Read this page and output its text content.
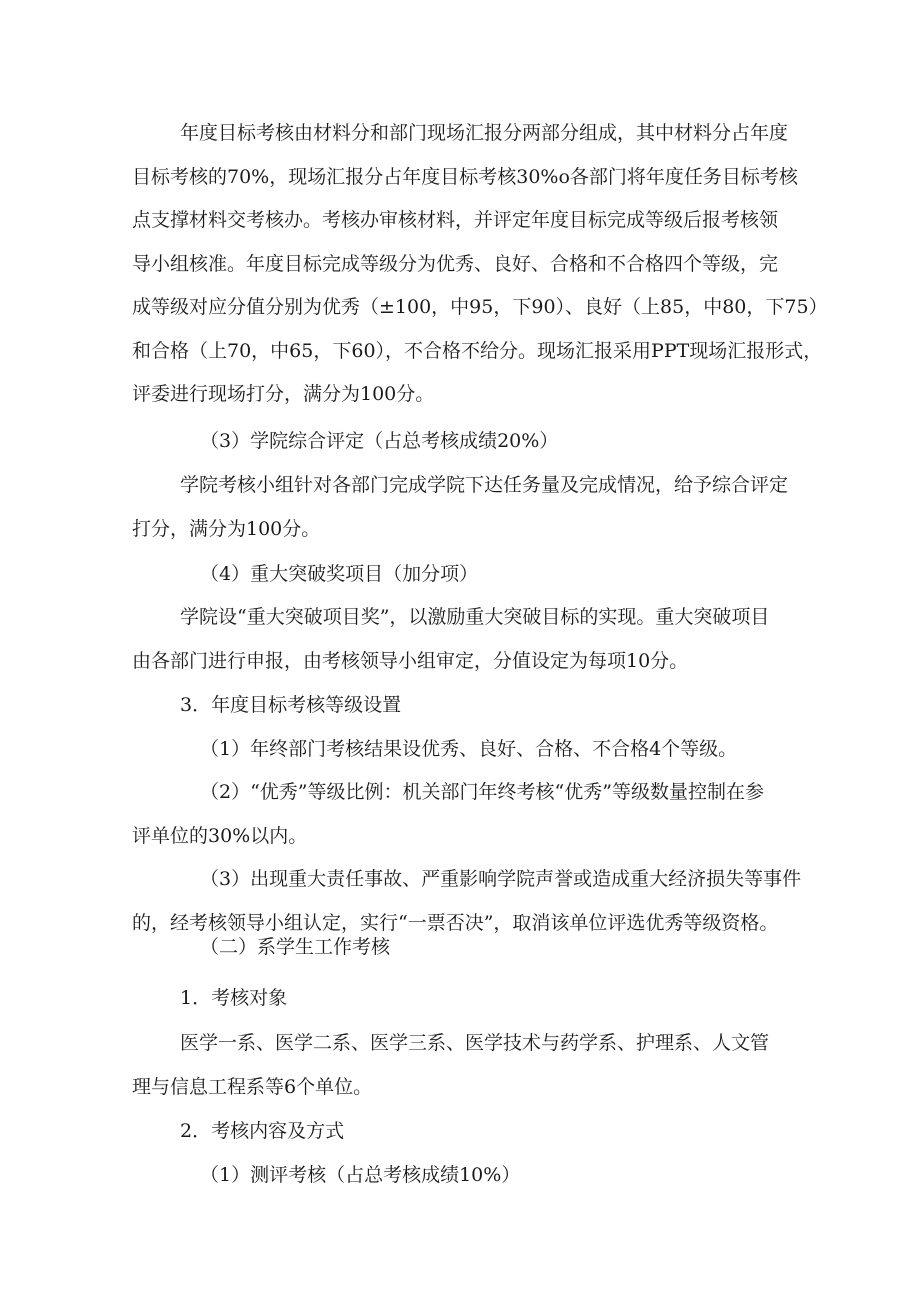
年度目标考核由材料分和部门现场汇报分两部分组成，其中材料分占年度
目标考核的70%，现场汇报分占年度目标考核30%o各部门将年度任务目标考核
点支撑材料交考核办。考核办审核材料，并评定年度目标完成等级后报考核领
导小组核准。年度目标完成等级分为优秀、良好、合格和不合格四个等级，完
成等级对应分值分别为优秀（±100，中95，下90）、良好（上85，中80，下75）
和合格（上70，中65，下60），不合格不给分。现场汇报采用PPT现场汇报形式，
评委进行现场打分，满分为100分。
（3）学院综合评定（占总考核成绩20%）
学院考核小组针对各部门完成学院下达任务量及完成情况，给予综合评定
打分，满分为100分。
（4）重大突破奖项目（加分项）
学院设“重大突破项目奖”，以激励重大突破目标的实现。重大突破项目
由各部门进行申报，由考核领导小组审定，分值设定为每项10分。
3．年度目标考核等级设置
（1）年终部门考核结果设优秀、良好、合格、不合格4个等级。
（2）“优秀”等级比例：机关部门年终考核“优秀”等级数量控制在参
评单位的30%以内。
（3）出现重大责任事故、严重影响学院声誉或造成重大经济损失等事件
的，经考核领导小组认定，实行“一票否决”，取消该单位评选优秀等级资格。
（二）系学生工作考核
1．考核对象
医学一系、医学二系、医学三系、医学技术与药学系、护理系、人文管
理与信息工程系等6个单位。
2．考核内容及方式
（1）测评考核（占总考核成绩10%）
